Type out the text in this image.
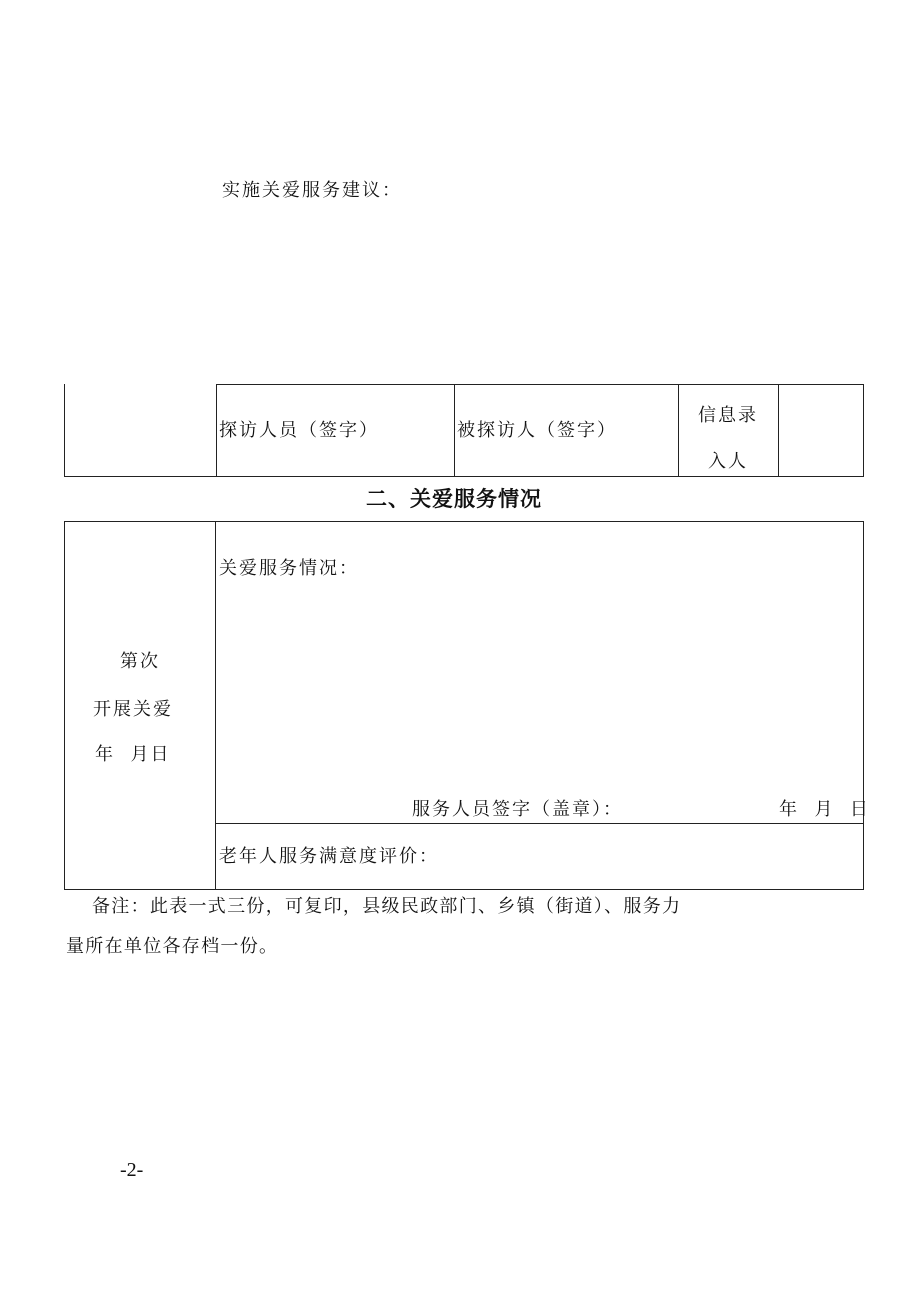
实施关爱服务建议：
探访人员（签字）	被探访人（签字）
信息录
入人
二、关爱服务情况
第次
开展关爱
年  月日
关爱服务情况：
服务人员签字（盖章）：	年  月  日
老年人服务满意度评价：
备注：此表一式三份，可复印，县级民政部门、乡镇（街道）、服务力
量所在单位各存档一份。
-2-
